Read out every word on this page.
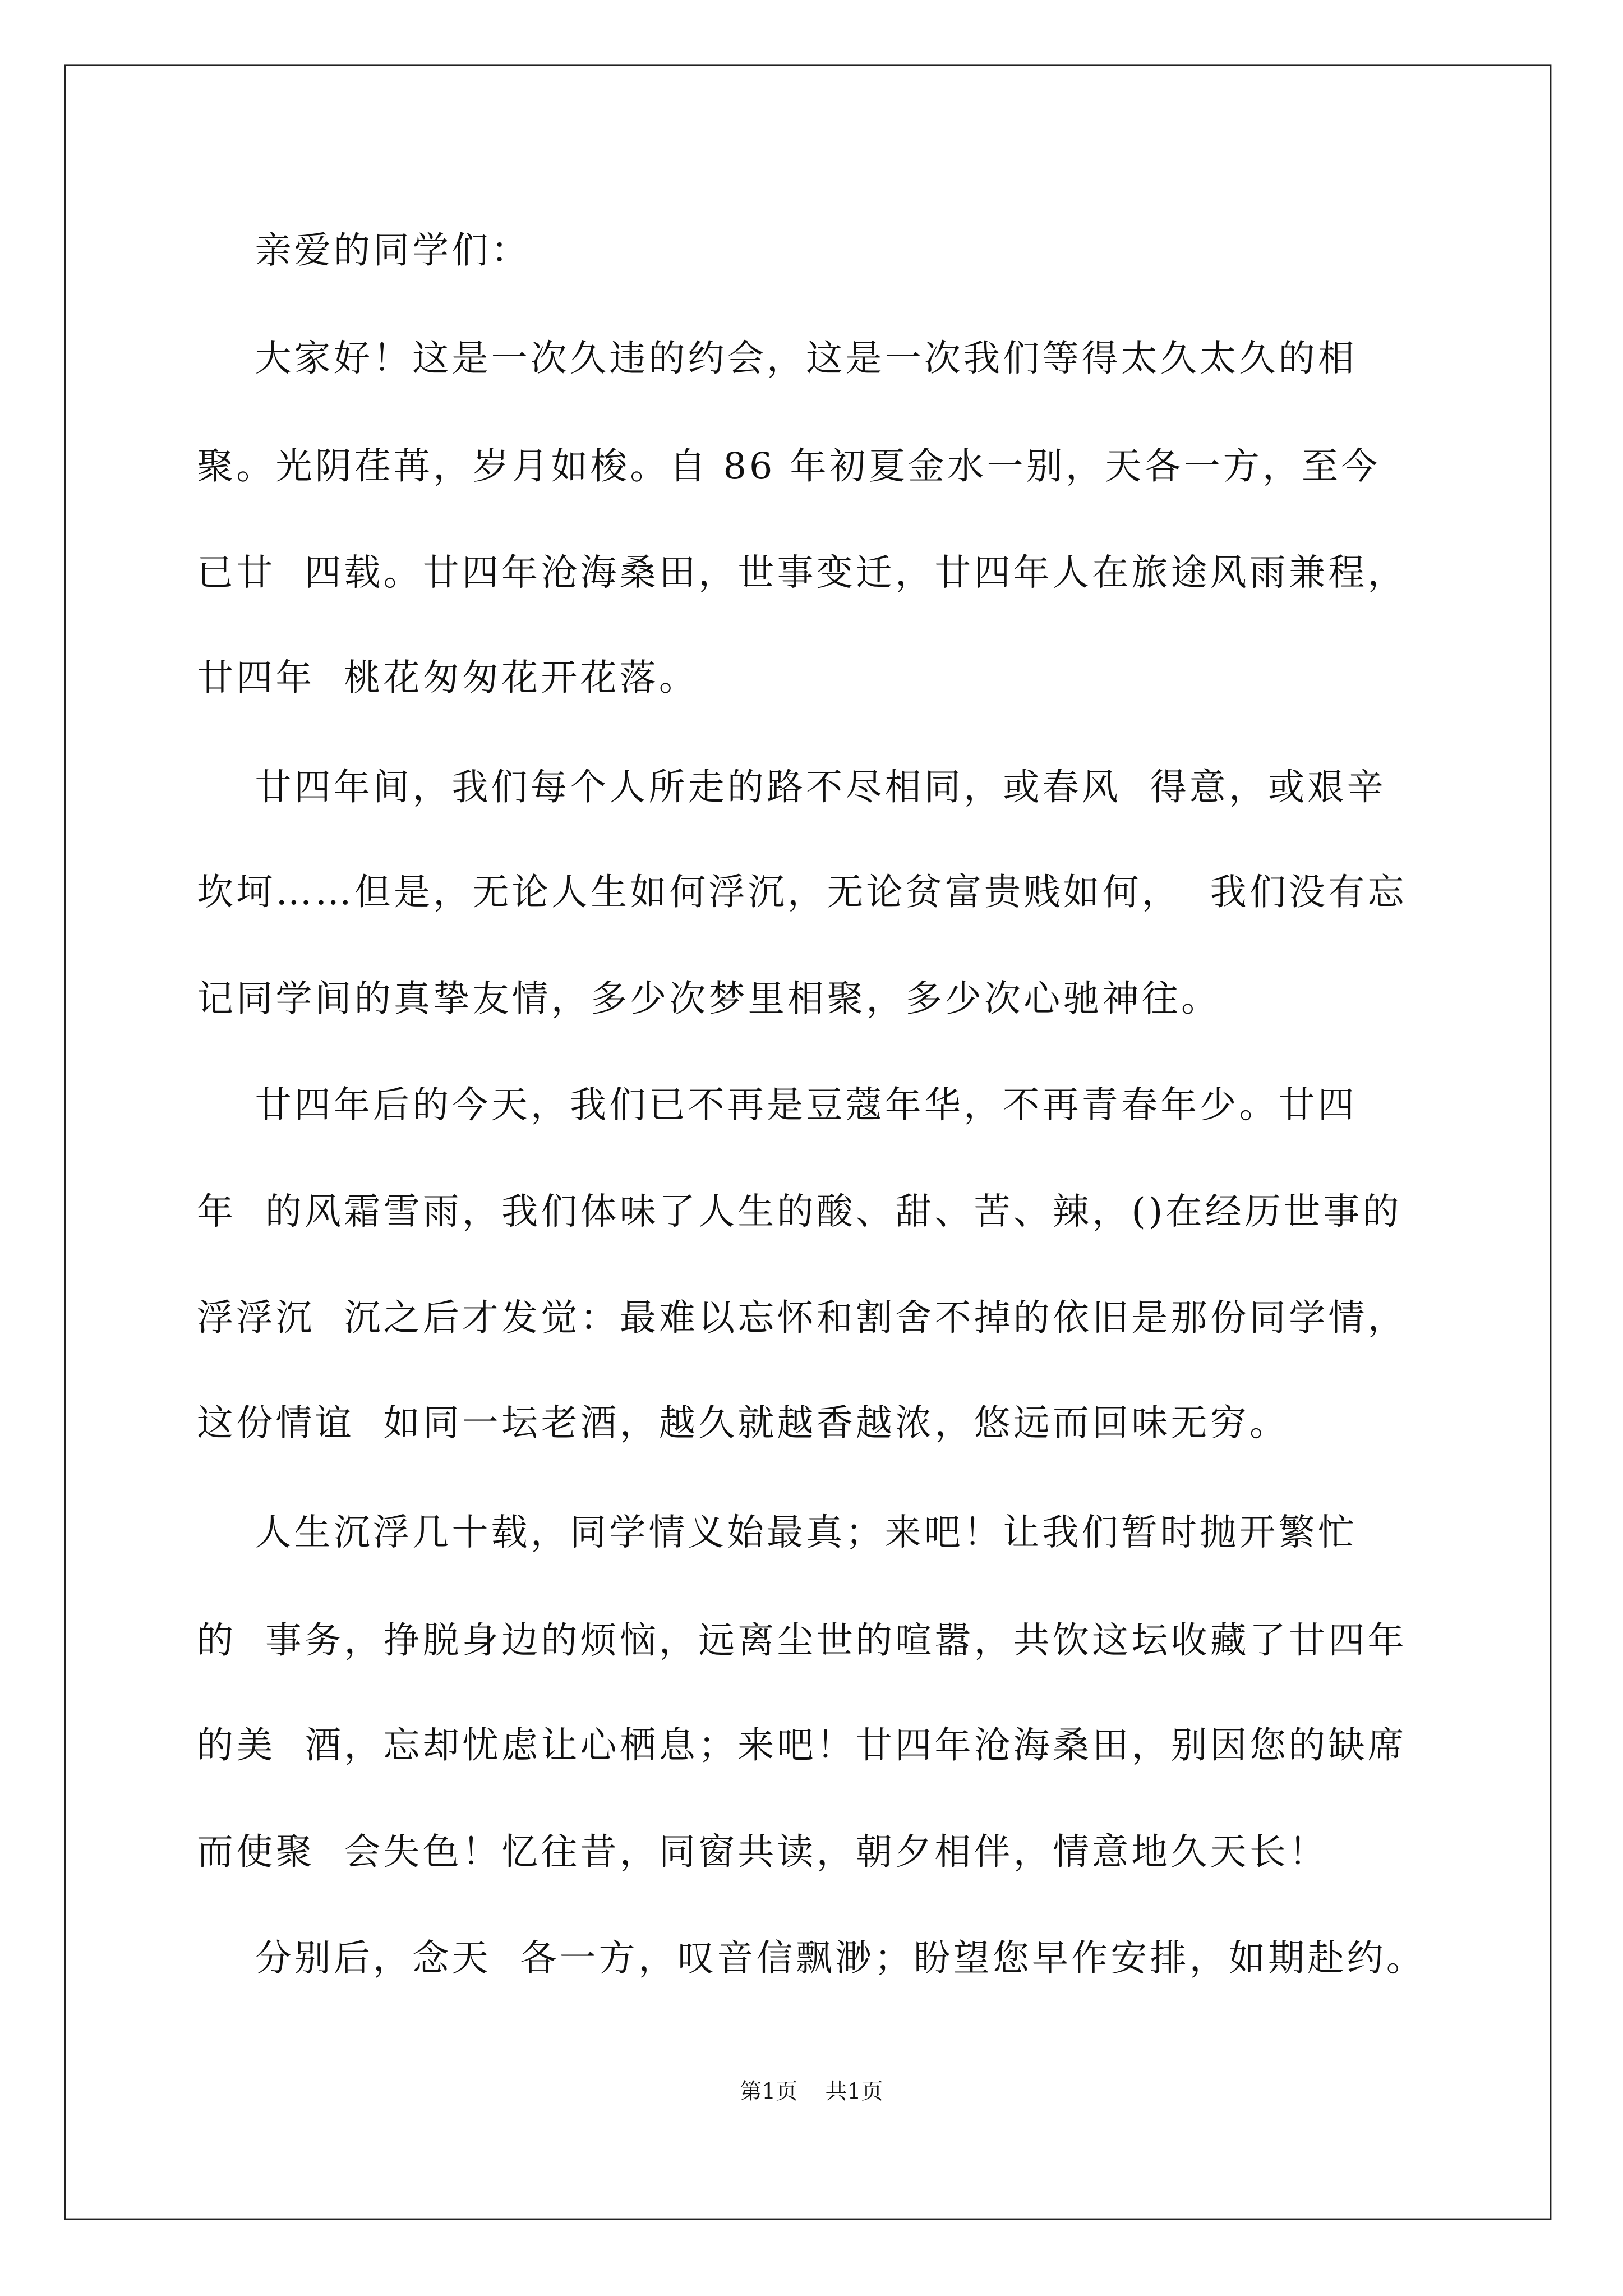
亲爱的同学们：
大家好！这是一次久违的约会，这是一次我们等得太久太久的相
聚。光阴荏苒，岁月如梭。自 86 年初夏金水一别，天各一方，至今
已廿  四载。廿四年沧海桑田，世事变迁，廿四年人在旅途风雨兼程，
廿四年  桃花匆匆花开花落。
廿四年间，我们每个人所走的路不尽相同，或春风  得意，或艰辛
坎坷……但是，无论人生如何浮沉，无论贫富贵贱如何，  我们没有忘
记同学间的真挚友情，多少次梦里相聚，多少次心驰神往。
廿四年后的今天，我们已不再是豆蔻年华，不再青春年少。廿四
年  的风霜雪雨，我们体味了人生的酸、甜、苦、辣，()在经历世事的
浮浮沉  沉之后才发觉：最难以忘怀和割舍不掉的依旧是那份同学情，
这份情谊  如同一坛老酒，越久就越香越浓，悠远而回味无穷。
人生沉浮几十载，同学情义始最真；来吧！让我们暂时抛开繁忙
的  事务，挣脱身边的烦恼，远离尘世的喧嚣，共饮这坛收藏了廿四年
的美  酒，忘却忧虑让心栖息；来吧！廿四年沧海桑田，别因您的缺席
而使聚  会失色！忆往昔，同窗共读，朝夕相伴，情意地久天长！
分别后，念天  各一方，叹音信飘渺；盼望您早作安排，如期赴约。
第1页    共1页
